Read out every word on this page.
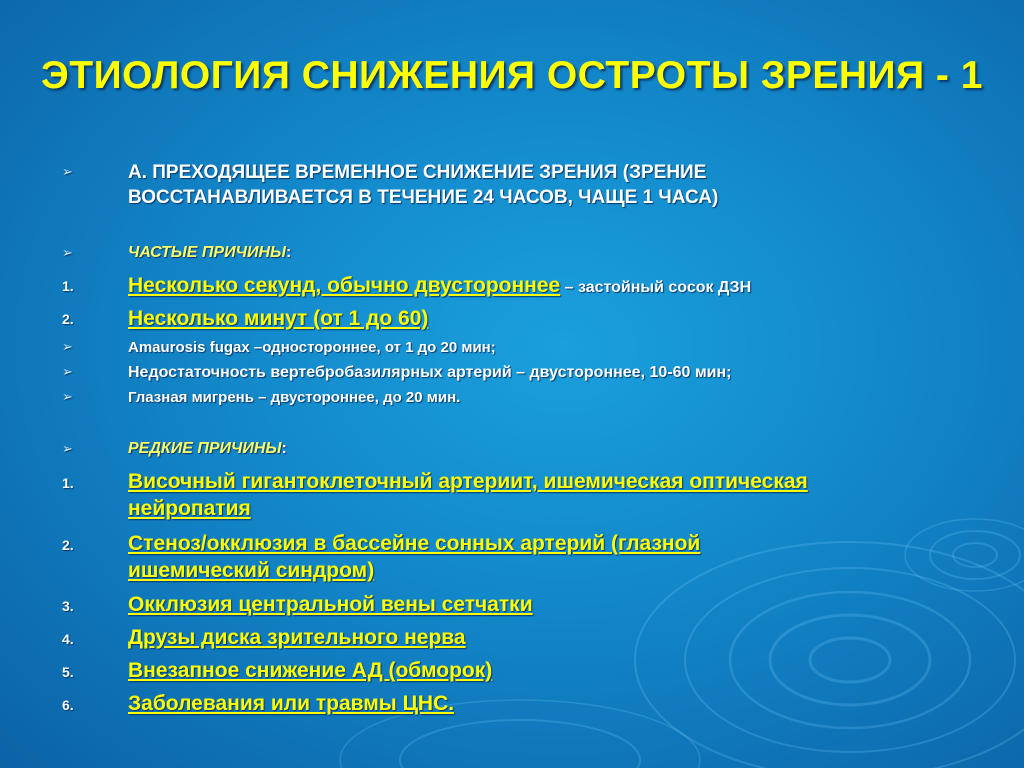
ЭТИОЛОГИЯ СНИЖЕНИЯ ОСТРОТЫ ЗРЕНИЯ - 1
➢	А. ПРЕХОДЯЩЕЕ ВРЕМЕННОЕ СНИЖЕНИЕ ЗРЕНИЯ (ЗРЕНИЕ
ВОССТАНАВЛИВАЕТСЯ В ТЕЧЕНИЕ 24 ЧАСОВ, ЧАЩЕ 1 ЧАСА)
➢	ЧАСТЫЕ ПРИЧИНЫ:
1.	Несколько секунд, обычно двустороннее – застойный сосок ДЗН
2.	Несколько минут (от 1 до 60)
➢	Amaurosis fugax –одностороннее, от 1 до 20 мин;
➢	Недостаточность вертебробазилярных артерий – двустороннее, 10-60 мин;
➢	Глазная мигрень – двустороннее, до 20 мин.
➢	РЕДКИЕ ПРИЧИНЫ:
1.	Височный гигантоклеточный артериит, ишемическая оптическая
нейропатия
2.	Стеноз/окклюзия в бассейне сонных артерий (глазной
ишемический синдром)
3.	Окклюзия центральной вены сетчатки
4.	Друзы диска зрительного нерва
5.	Внезапное снижение АД (обморок)
6.	Заболевания или травмы ЦНС.
